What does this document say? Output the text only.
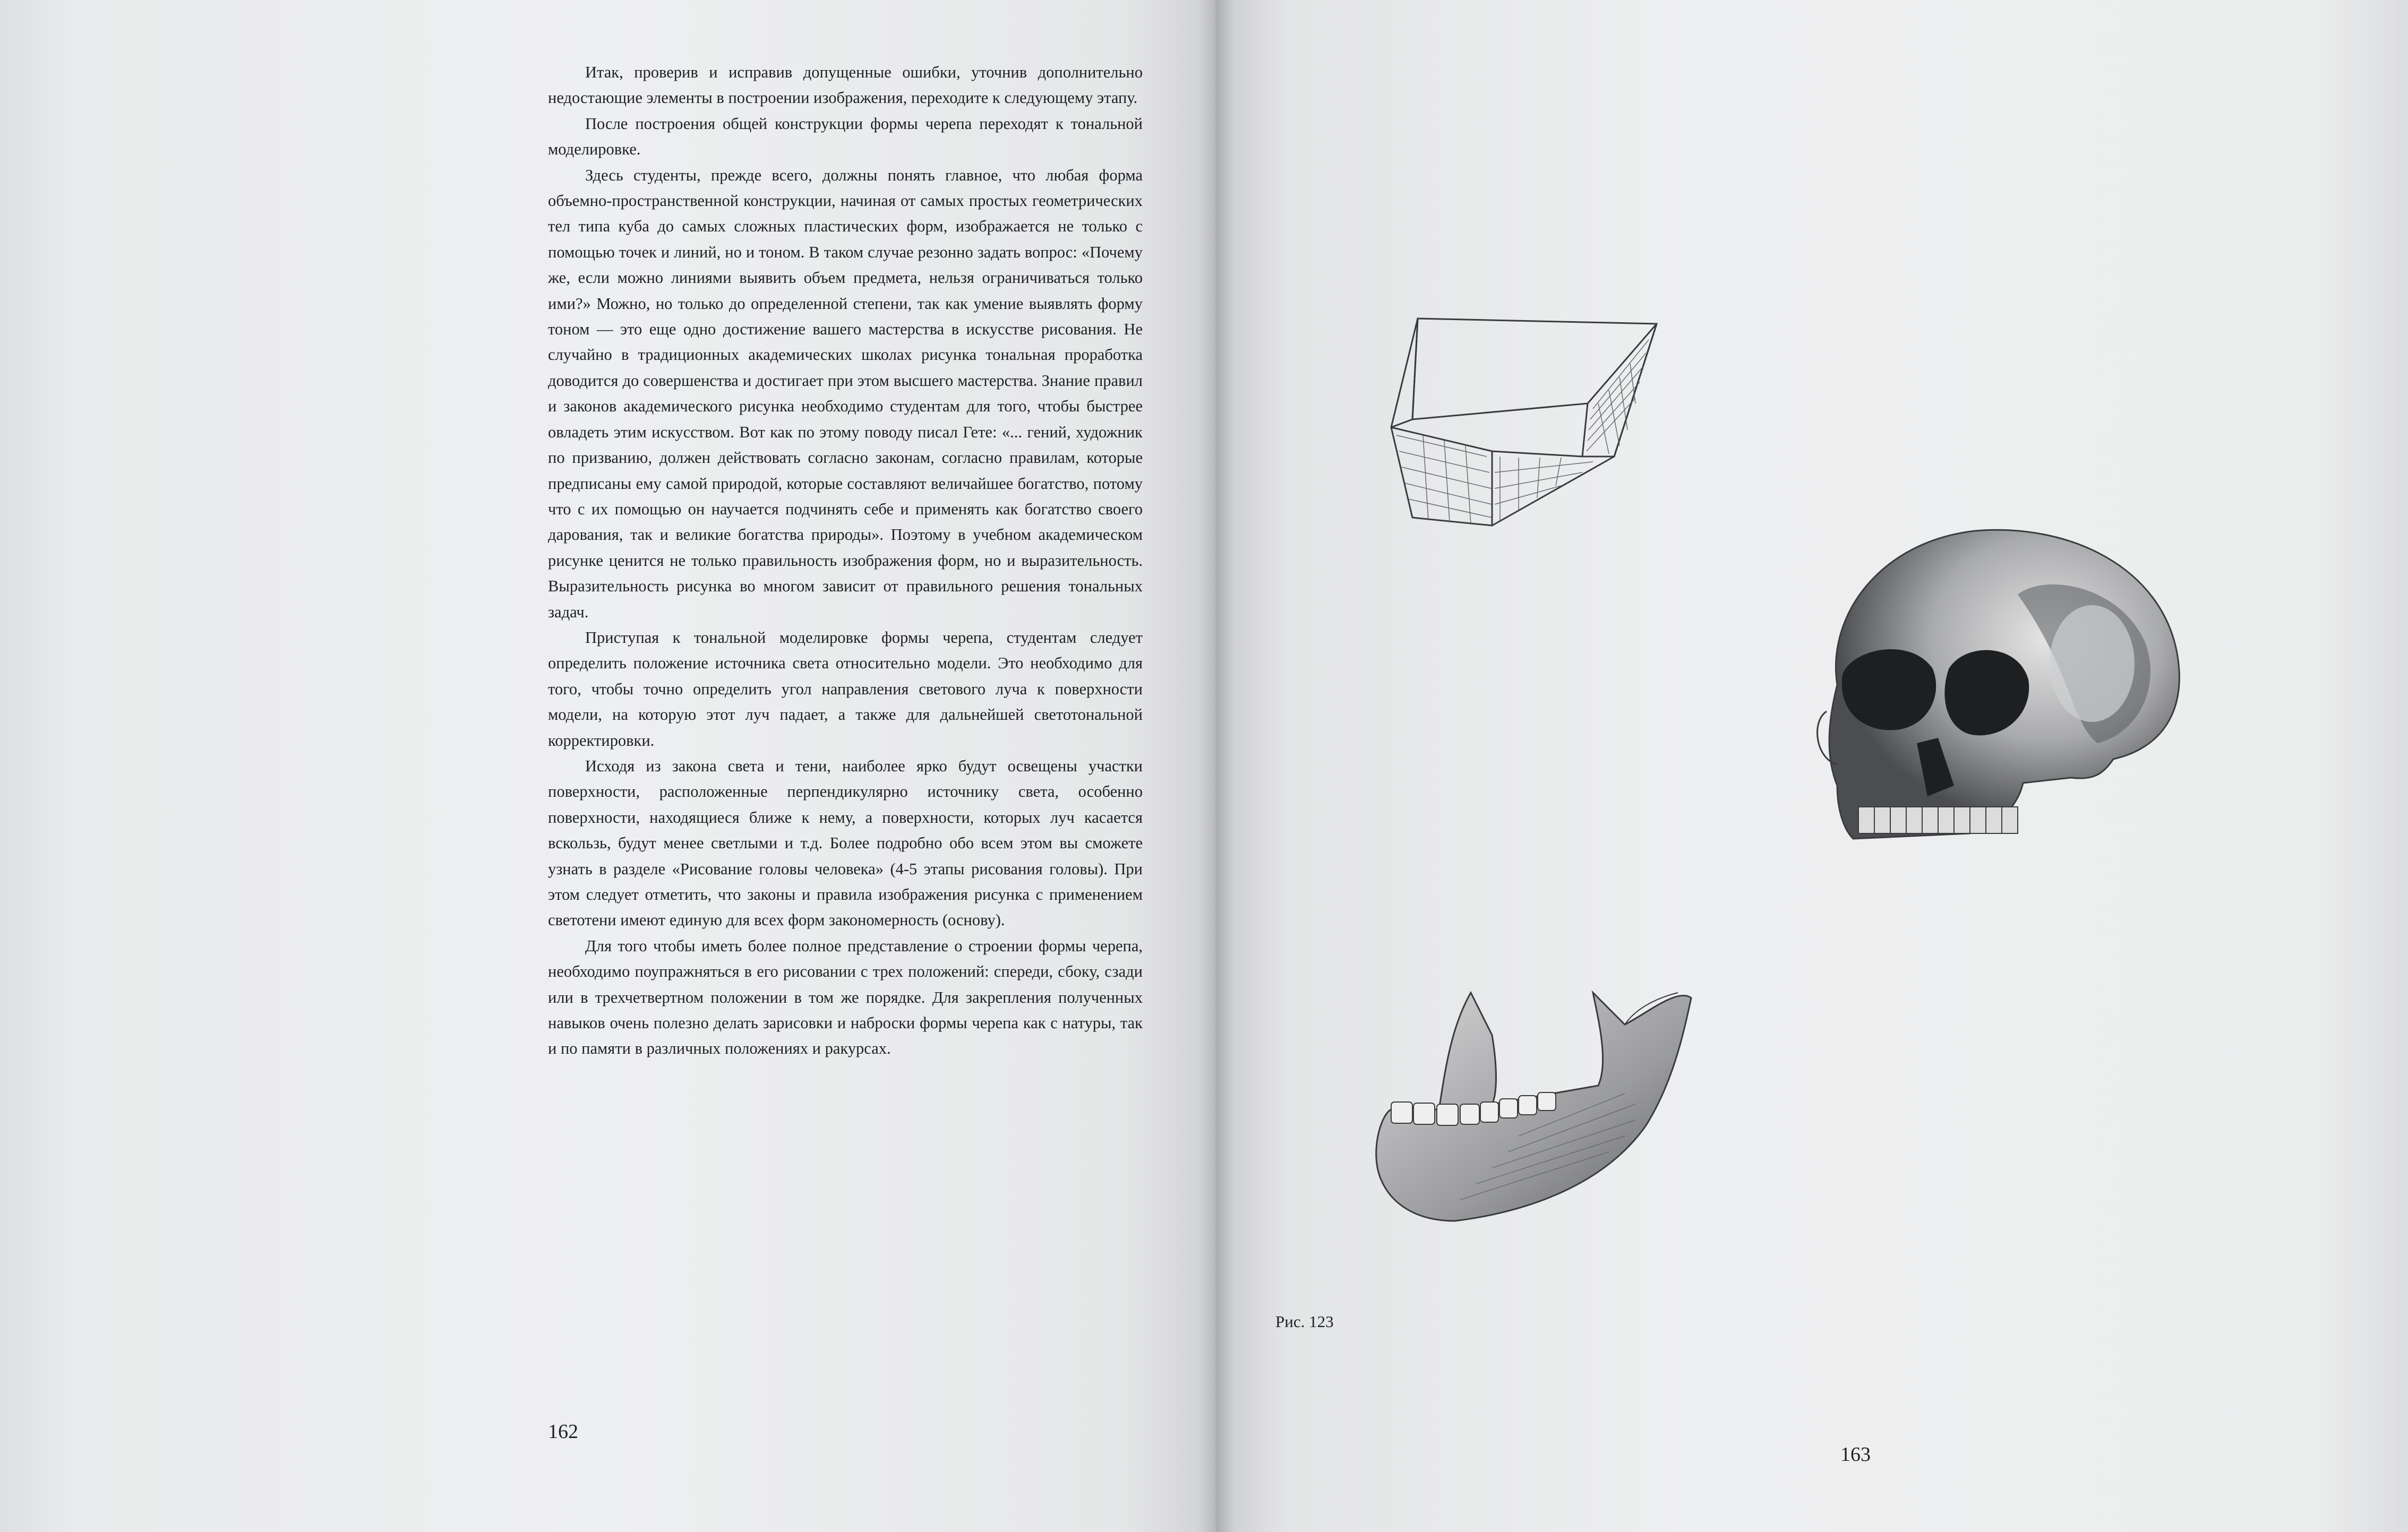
Итак, проверив и исправив допущенные ошибки, уточнив дополнительно недостающие элементы в построении изображения, переходите к следующему этапу.

После построения общей конструкции формы черепа переходят к тональной моделировке.

Здесь студенты, прежде всего, должны понять главное, что любая форма объемно-пространственной конструкции, начиная от самых простых геометрических тел типа куба до самых сложных пластических форм, изображается не только с помощью точек и линий, но и тоном. В таком случае резонно задать вопрос: «Почему же, если можно линиями выявить объем предмета, нельзя ограничиваться только ими?» Можно, но только до определенной степени, так как умение выявлять форму тоном — это еще одно достижение вашего мастерства в искусстве рисования. Не случайно в традиционных академических школах рисунка тональная проработка доводится до совершенства и достигает при этом высшего мастерства. Знание правил и законов академического рисунка необходимо студентам для того, чтобы быстрее овладеть этим искусством. Вот как по этому поводу писал Гете: «... гений, художник по призванию, должен действовать согласно законам, согласно правилам, которые предписаны ему самой природой, которые составляют величайшее богатство, потому что с их помощью он научается подчинять себе и применять как богатство своего дарования, так и великие богатства природы». Поэтому в учебном академическом рисунке ценится не только правильность изображения форм, но и выразительность. Выразительность рисунка во многом зависит от правильного решения тональных задач.

Приступая к тональной моделировке формы черепа, студентам следует определить положение источника света относительно модели. Это необходимо для того, чтобы точно определить угол направления светового луча к поверхности модели, на которую этот луч падает, а также для дальнейшей светотональной корректировки.

Исходя из закона света и тени, наиболее ярко будут освещены участки поверхности, расположенные перпендикулярно источнику света, особенно поверхности, находящиеся ближе к нему, а поверхности, которых луч касается вскользь, будут менее светлыми и т.д. Более подробно обо всем этом вы сможете узнать в разделе «Рисование головы человека» (4-5 этапы рисования головы). При этом следует отметить, что законы и правила изображения рисунка с применением светотени имеют единую для всех форм закономерность (основу).

Для того чтобы иметь более полное представление о строении формы черепа, необходимо поупражняться в его рисовании с трех положений: спереди, сбоку, сзади или в трехчетвертном положении в том же порядке. Для закрепления полученных навыков очень полезно делать зарисовки и наброски формы черепа как с натуры, так и по памяти в различных положениях и ракурсах.

162
Рис. 123
163
